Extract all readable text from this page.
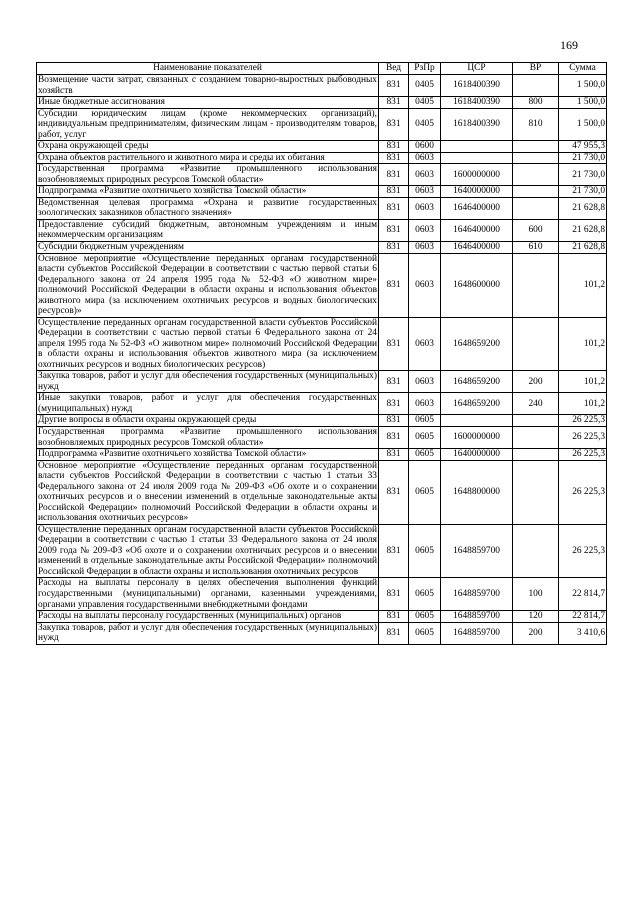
169
Наименование показателей	Вед	РзПр	ЦСР	ВР	Сумма
Возмещение части затрат, связанных с созданием товарно-выростных рыбоводных хозяйств	831	0405	1618400390		1 500,0
Иные бюджетные ассигнования	831	0405	1618400390	800	1 500,0
Субсидии юридическим лицам (кроме некоммерческих организаций), индивидуальным предпринимателям, физическим лицам - производителям товаров, работ, услуг	831	0405	1618400390	810	1 500,0
Охрана окружающей среды	831	0600			47 955,3
Охрана объектов растительного и животного мира и среды их обитания	831	0603			21 730,0
Государственная программа «Развитие промышленного использования возобновляемых природных ресурсов Томской области»	831	0603	1600000000		21 730,0
Подпрограмма «Развитие охотничьего хозяйства Томской области»	831	0603	1640000000		21 730,0
Ведомственная целевая программа «Охрана и развитие государственных зоологических заказников областного значения»	831	0603	1646400000		21 628,8
Предоставление субсидий бюджетным, автономным учреждениям и иным некоммерческим организациям	831	0603	1646400000	600	21 628,8
Субсидии бюджетным учреждениям	831	0603	1646400000	610	21 628,8
Основное мероприятие «Осуществление переданных органам государственной власти субъектов Российской Федерации в соответствии с частью первой статьи 6 Федерального закона от 24 апреля 1995 года № 52-ФЗ «О животном мире» полномочий Российской Федерации в области охраны и использования объектов животного мира (за исключением охотничьих ресурсов и водных биологических ресурсов)»	831	0603	1648600000		101,2
Осуществление переданных органам государственной власти субъектов Российской Федерации в соответствии с частью первой статьи 6 Федерального закона от 24 апреля 1995 года № 52-ФЗ «О животном мире» полномочий Российской Федерации в области охраны и использования объектов животного мира (за исключением охотничьих ресурсов и водных биологических ресурсов)	831	0603	1648659200		101,2
Закупка товаров, работ и услуг для обеспечения государственных (муниципальных) нужд	831	0603	1648659200	200	101,2
Иные закупки товаров, работ и услуг для обеспечения государственных (муниципальных) нужд	831	0603	1648659200	240	101,2
Другие вопросы в области охраны окружающей среды	831	0605			26 225,3
Государственная программа «Развитие промышленного использования возобновляемых природных ресурсов Томской области»	831	0605	1600000000		26 225,3
Подпрограмма «Развитие охотничьего хозяйства Томской области»	831	0605	1640000000		26 225,3
Основное мероприятие «Осуществление переданных органам государственной власти субъектов Российской Федерации в соответствии с частью 1 статьи 33 Федерального закона от 24 июля 2009 года № 209-ФЗ «Об охоте и о сохранении охотничьих ресурсов и о внесении изменений в отдельные законодательные акты Российской Федерации» полномочий Российской Федерации в области охраны и использования охотничьих ресурсов»	831	0605	1648800000		26 225,3
Осуществление переданных органам государственной власти субъектов Российской Федерации в соответствии с частью 1 статьи 33 Федерального закона от 24 июля 2009 года № 209-ФЗ «Об охоте и о сохранении охотничьих ресурсов и о внесении изменений в отдельные законодательные акты Российской Федерации» полномочий Российской Федерации в области охраны и использования охотничьих ресурсов	831	0605	1648859700		26 225,3
Расходы на выплаты персоналу в целях обеспечения выполнения функций государственными (муниципальными) органами, казенными учреждениями, органами управления государственными внебюджетными фондами	831	0605	1648859700	100	22 814,7
Расходы на выплаты персоналу государственных (муниципальных) органов	831	0605	1648859700	120	22 814,7
Закупка товаров, работ и услуг для обеспечения государственных (муниципальных) нужд	831	0605	1648859700	200	3 410,6
